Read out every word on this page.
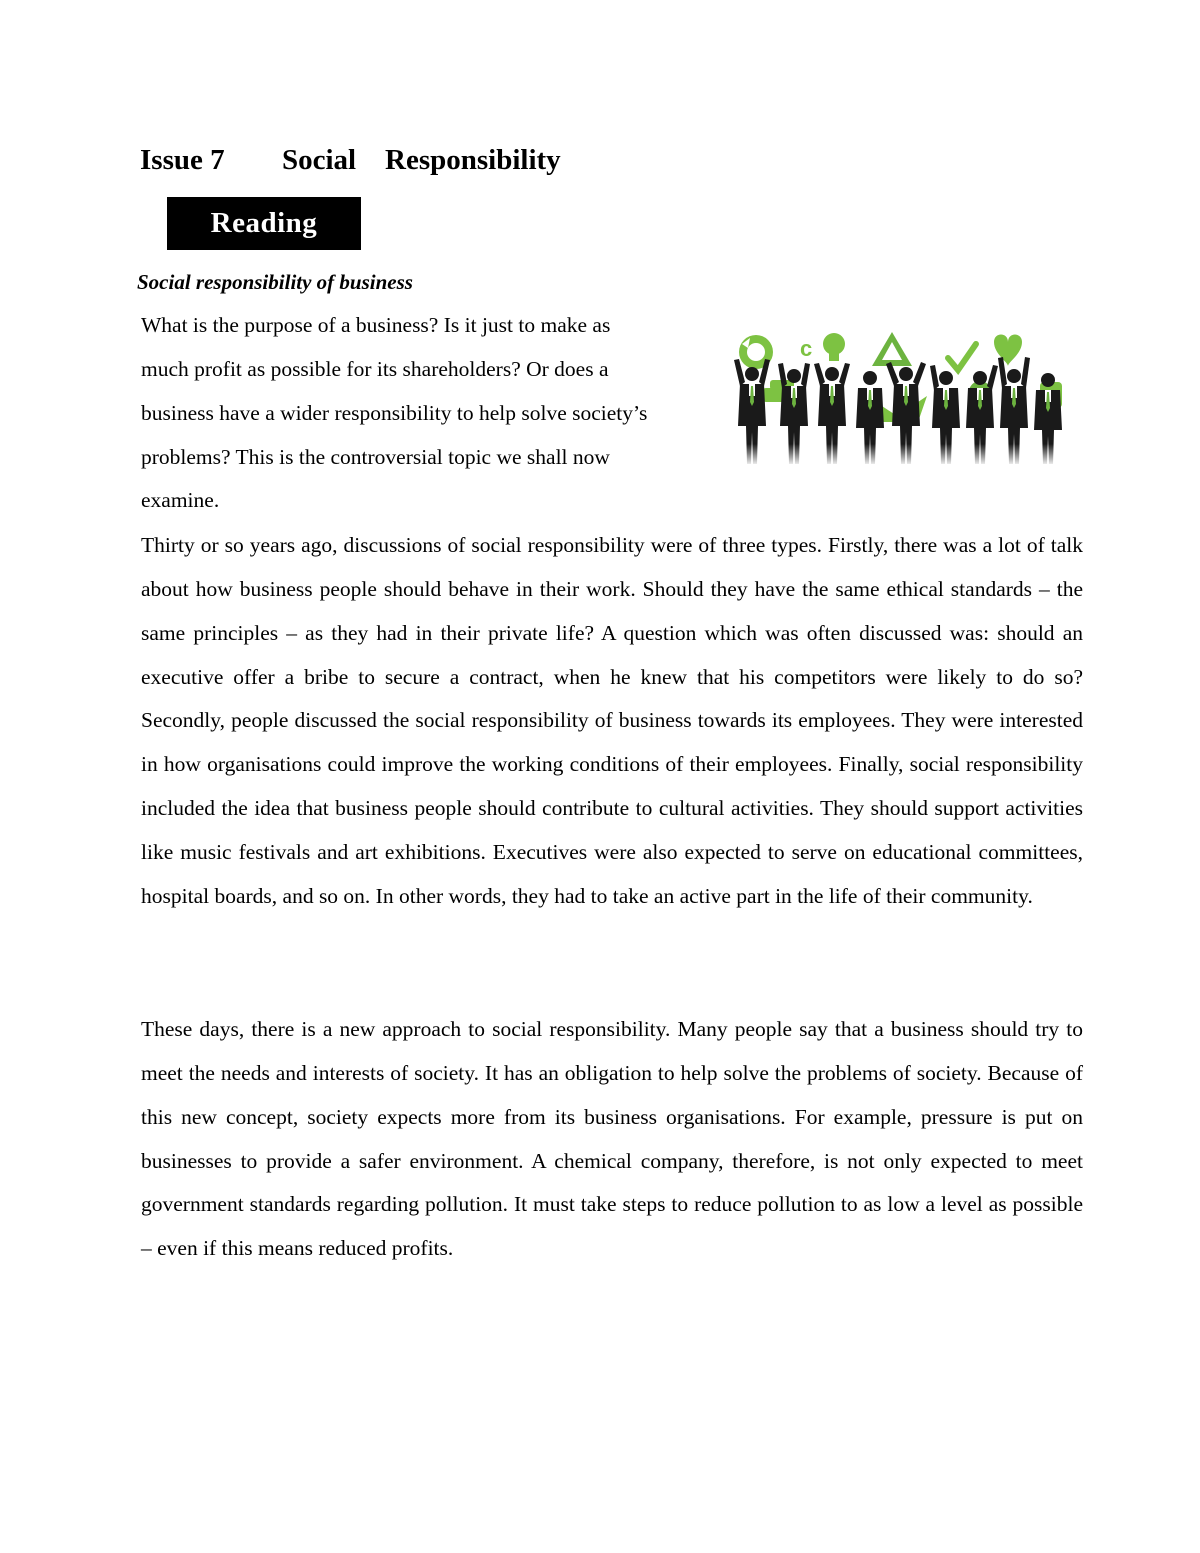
Issue 7 Social Responsibility
Reading
Social responsibility of business

What is the purpose of a business? Is it just to make as much profit as possible for its shareholders? Or does a business have a wider responsibility to help solve society’s problems? This is the controversial topic we shall now examine.

c

Thirty or so years ago, discussions of social responsibility were of three types. Firstly, there was a lot of talk about how business people should behave in their work. Should they have the same ethical standards – the same principles – as they had in their private life? A question which was often discussed was: should an executive offer a bribe to secure a contract, when he knew that his competitors were likely to do so? Secondly, people discussed the social responsibility of business towards its employees. They were interested in how organisations could improve the working conditions of their employees. Finally, social responsibility included the idea that business people should contribute to cultural activities. They should support activities like music festivals and art exhibitions. Executives were also expected to serve on educational committees, hospital boards, and so on. In other words, they had to take an active part in the life of their community.

These days, there is a new approach to social responsibility. Many people say that a business should try to meet the needs and interests of society. It has an obligation to help solve the problems of society. Because of this new concept, society expects more from its business organisations. For example, pressure is put on businesses to provide a safer environment. A chemical company, therefore, is not only expected to meet government standards regarding pollution. It must take steps to reduce pollution to as low a level as possible – even if this means reduced profits.
